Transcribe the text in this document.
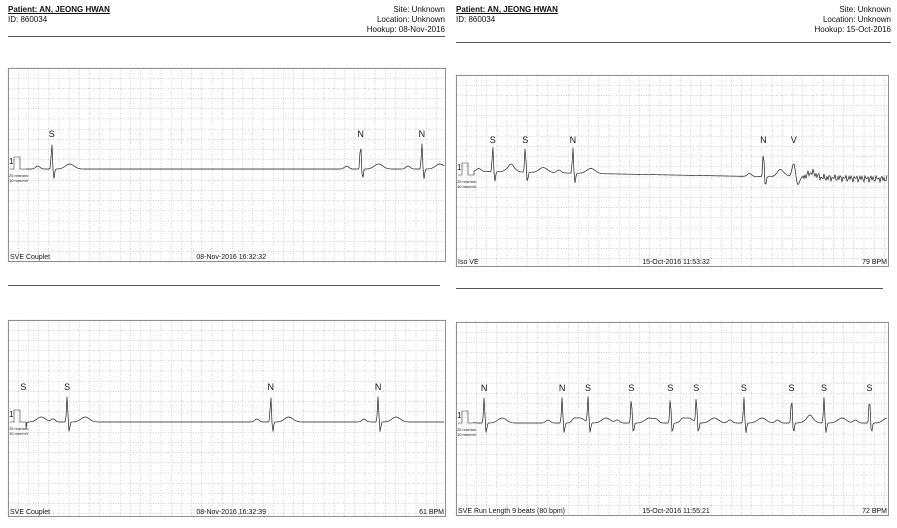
Patient: AN, JEONG HWAN
ID: 860034
Site: Unknown
Location: Unknown
Hookup: 08-Nov-2016
Patient: AN, JEONG HWAN
ID: 860034
Site: Unknown
Location: Unknown
Hookup: 15-Oct-2016
S	N	N
1
25 mm/sec
10 mm/mV
SVE Couplet	08-Nov-2016 16:32:32
S	S	N	N
1
25 mm/sec
10 mm/mV
SVE Couplet	08-Nov-2016 16:32:39	61 BPM
S	S	N	N	V
1
25 mm/sec
10 mm/mV
Iso VE	15-Oct-2016 11:53:32	79 BPM
N	N S	S	S S	S	S	S	S
1
25 mm/sec
10 mm/mV
SVE Run Length 9 beats (80 bpm)	15-Oct-2016 11:55:21	72 BPM
